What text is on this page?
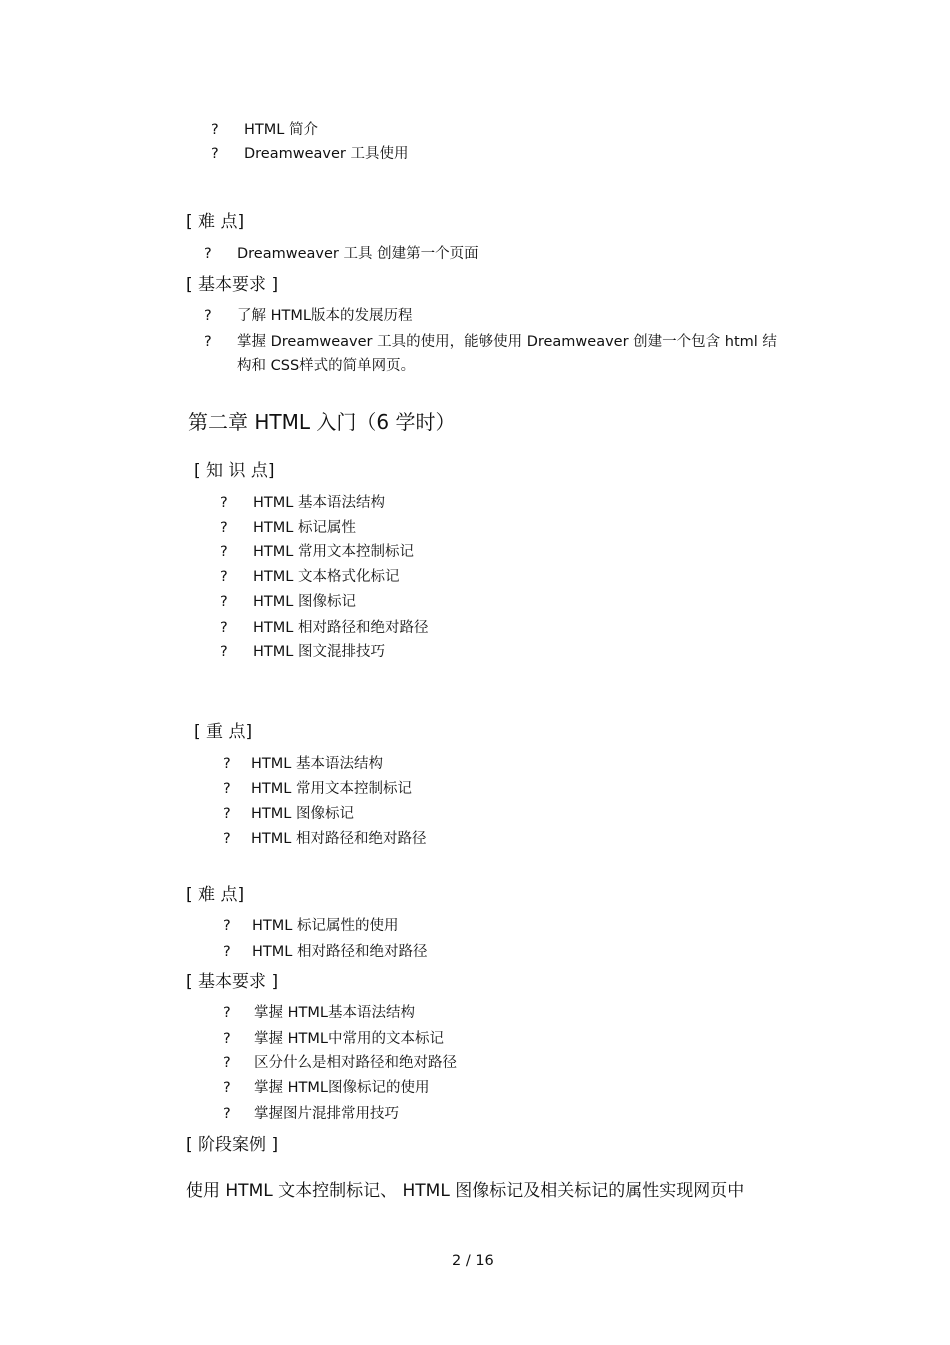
? HTML 简介
? Dreamweaver 工具使用
[ 难 点]
? Dreamweaver 工具 创建第一个页面
[ 基本要求 ]
? 了解 HTML版本的发展历程
? 掌握 Dreamweaver 工具的使用，能够使用 Dreamweaver 创建一个包含 html 结
构和 CSS样式的简单网页。
第二章 HTML 入门（6 学时）
[ 知 识 点]
? HTML 基本语法结构
? HTML 标记属性
? HTML 常用文本控制标记
? HTML 文本格式化标记
? HTML 图像标记
? HTML 相对路径和绝对路径
? HTML 图文混排技巧
[ 重 点]
? HTML 基本语法结构
? HTML 常用文本控制标记
? HTML 图像标记
? HTML 相对路径和绝对路径
[ 难 点]
? HTML 标记属性的使用
? HTML 相对路径和绝对路径
[ 基本要求 ]
? 掌握 HTML基本语法结构
? 掌握 HTML中常用的文本标记
? 区分什么是相对路径和绝对路径
? 掌握 HTML图像标记的使用
? 掌握图片混排常用技巧
[ 阶段案例 ]
使用 HTML 文本控制标记、 HTML 图像标记及相关标记的属性实现网页中
2 / 16
